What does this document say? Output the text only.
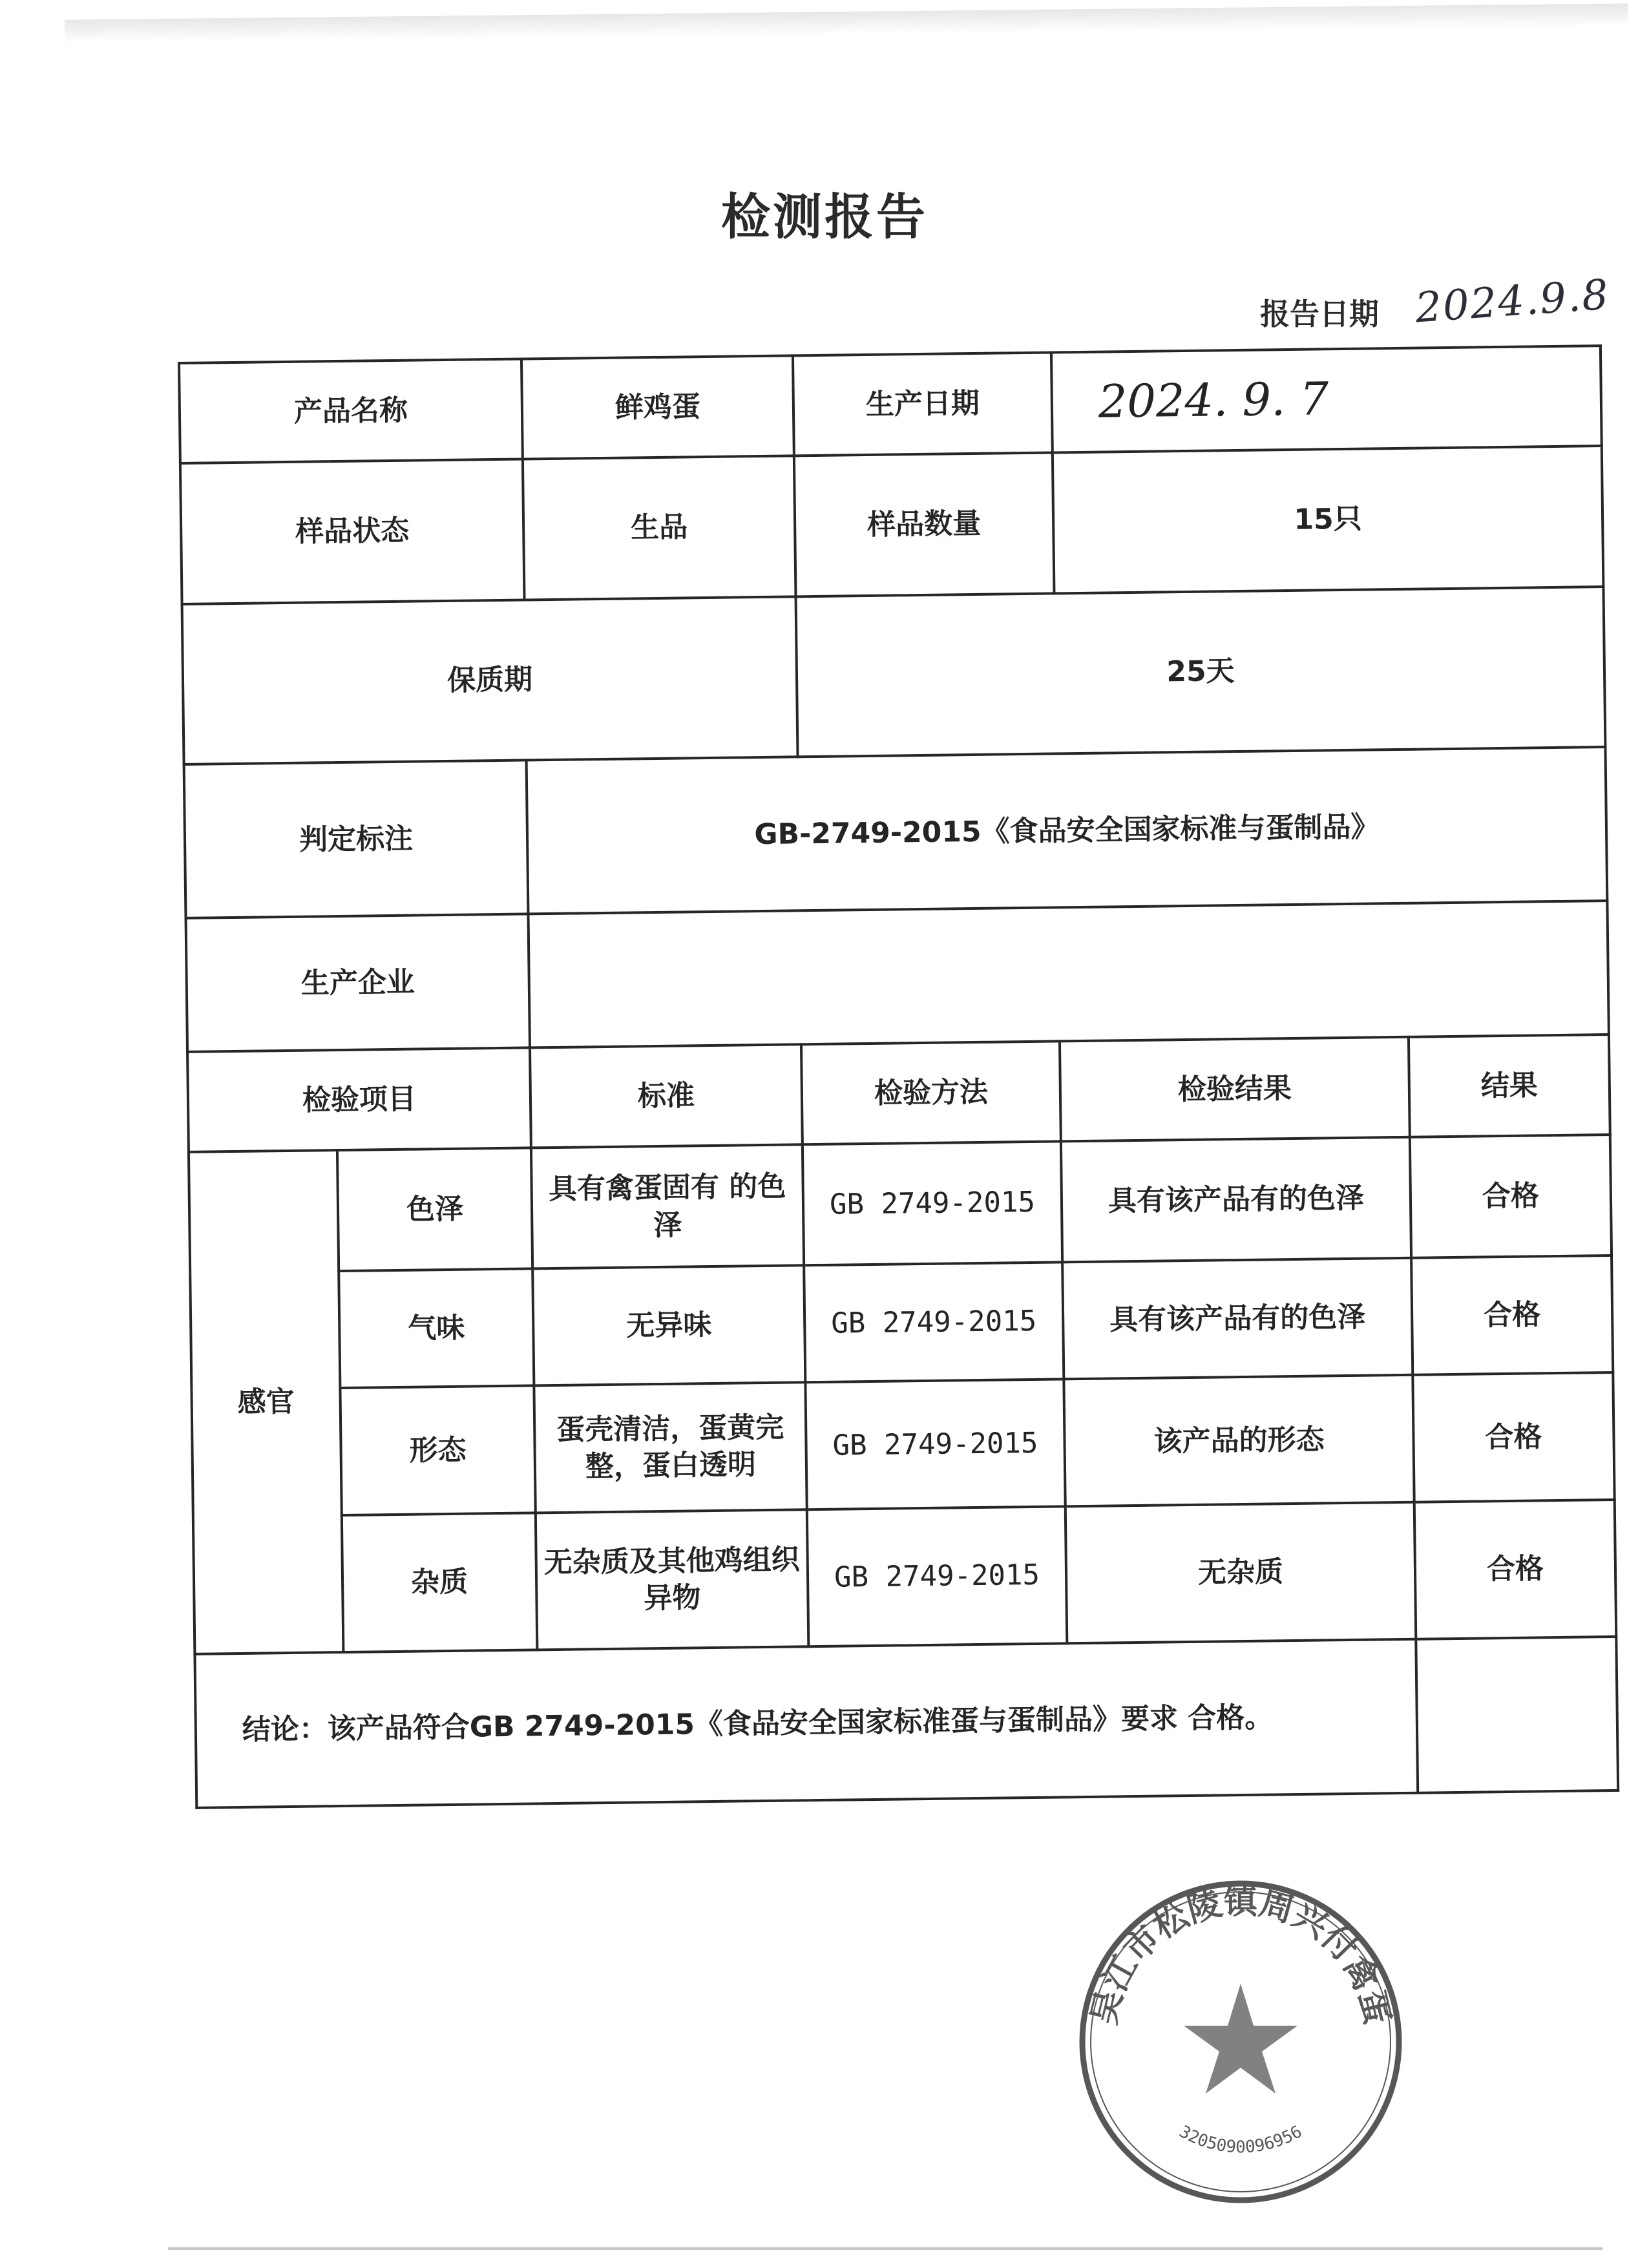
检测报告
报告日期 2024.9.8
产品名称		鲜鸡蛋	生产日期	2024. 9. 7	
样品状态		生品	样品数量	15只	
保质期			25天		
判定标注		GB-2749-2015《食品安全国家标准与蛋制品》			
生产企业					
检验项目		标准	检验方法	检验结果	结果
感官	色泽	具有禽蛋固有 的色泽	GB 2749-2015	具有该产品有的色泽	合格
	气味	无异味	GB 2749-2015	具有该产品有的色泽	合格
	形态	蛋壳清洁，蛋黄完整，蛋白透明	GB 2749-2015	该产品的形态	合格
	杂质	无杂质及其他鸡组织异物	GB 2749-2015	无杂质	合格
结论：该产品符合GB 2749-2015《食品安全国家标准蛋与蛋制品》要求 合格。					
吴江市松陵镇周兴付禽蛋
3205090096956
